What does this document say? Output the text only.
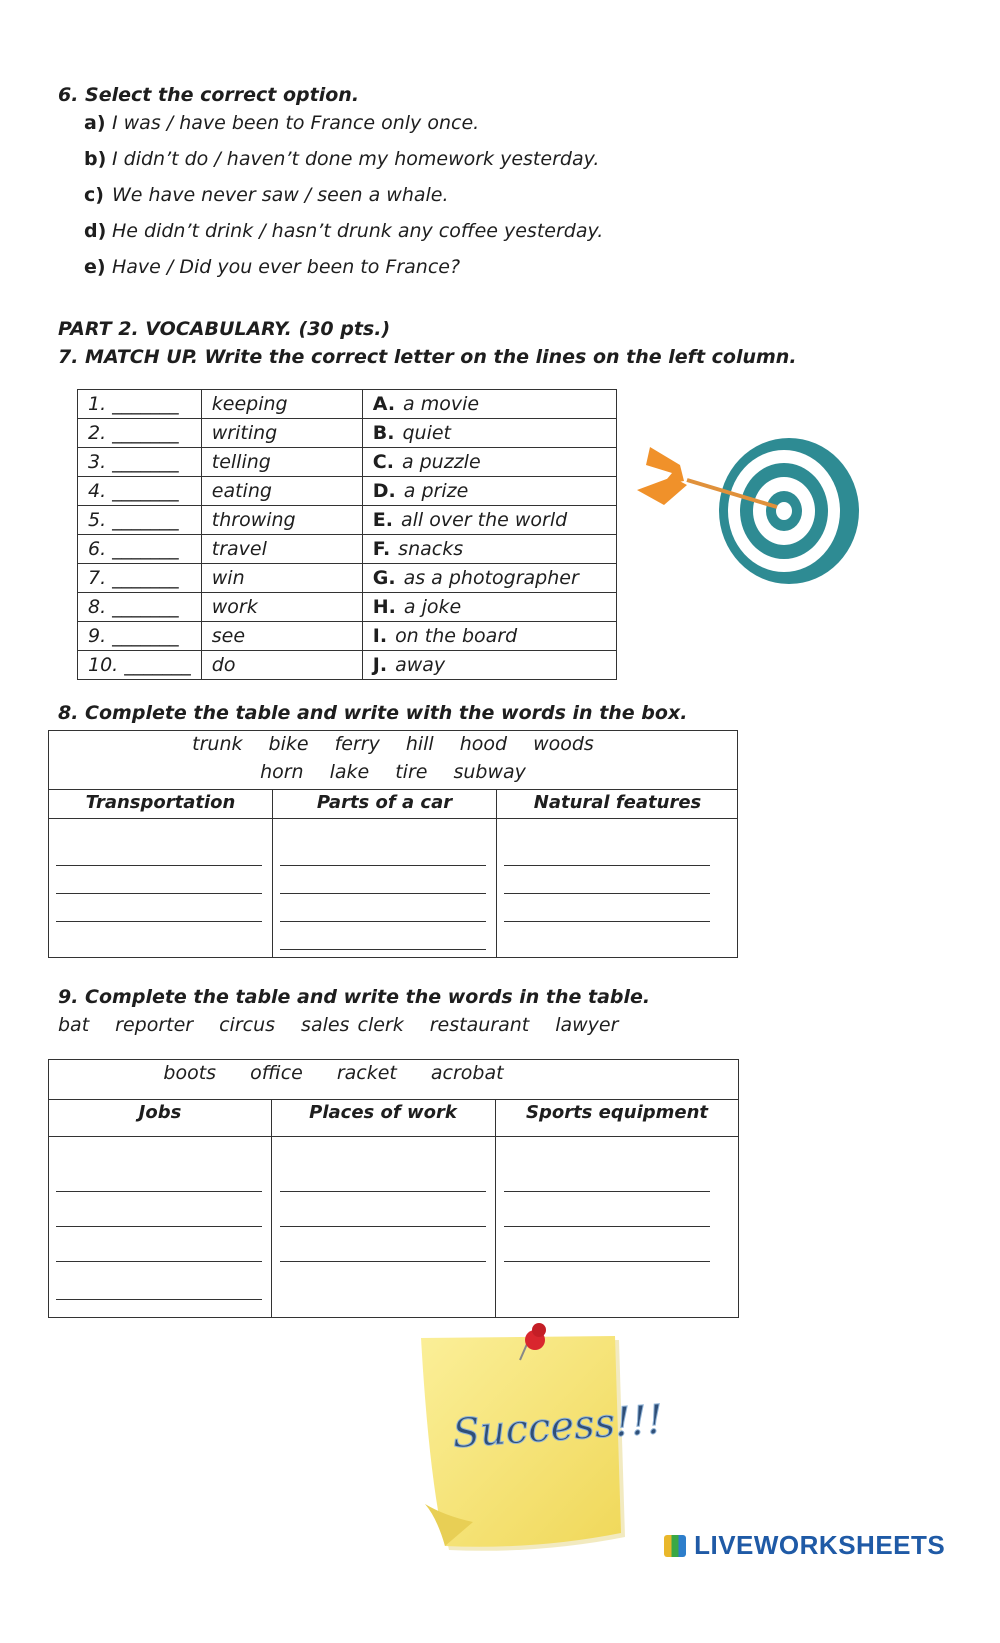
6. Select the correct option.
a) I was / have been to France only once.
b) I didn’t do / haven’t done my homework yesterday.
c) We have never saw / seen a whale.
d) He didn’t drink / hasn’t drunk any coffee yesterday.
e) Have / Did you ever been to France?
PART 2. VOCABULARY. (30 pts.)
7. MATCH UP. Write the correct letter on the lines on the left column.
1. _______	keeping	A. a movie
2. _______	writing	B. quiet
3. _______	telling	C. a puzzle
4. _______	eating	D. a prize
5. _______	throwing	E. all over the world
6. _______	travel	F. snacks
7. _______	win	G. as a photographer
8. _______	work	H. a joke
9. _______	see	I. on the board
10. _______	do	J. away
8. Complete the table and write with the words in the box.
trunk bike ferry hill hood woods
horn lake tire subway
Transportation	Parts of a car	Natural features
9. Complete the table and write the words in the table.
bat reporter circus sales clerk restaurant lawyer
boots office racket acrobat
Jobs	Places of work	Sports equipment
Success!!!
LIVEWORKSHEETS
